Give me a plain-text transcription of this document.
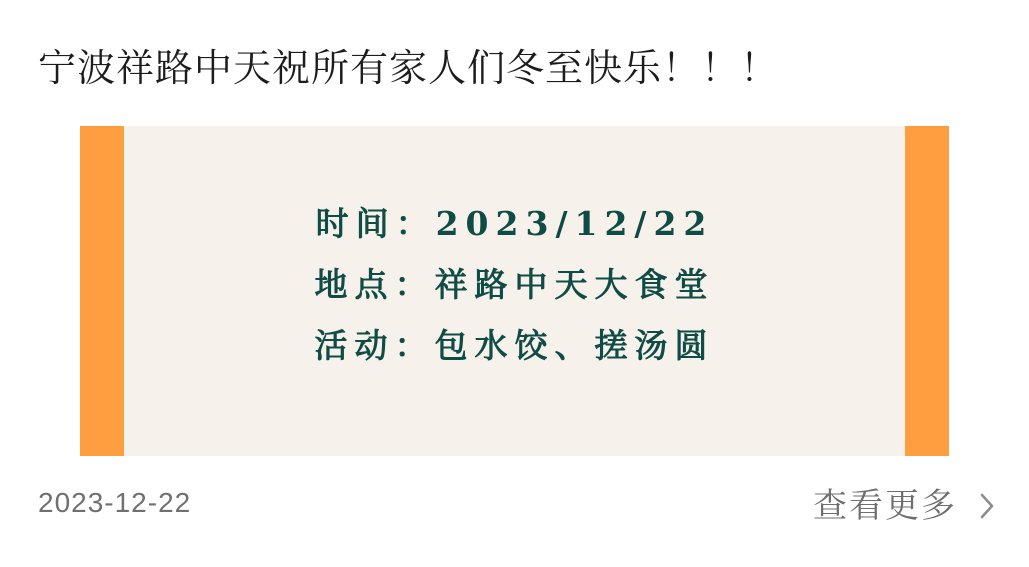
宁波祥路中天祝所有家人们冬至快乐！！！
时间：2023/12/22
地点：祥路中天大食堂
活动：包水饺、搓汤圆
2023-12-22	查看更多
